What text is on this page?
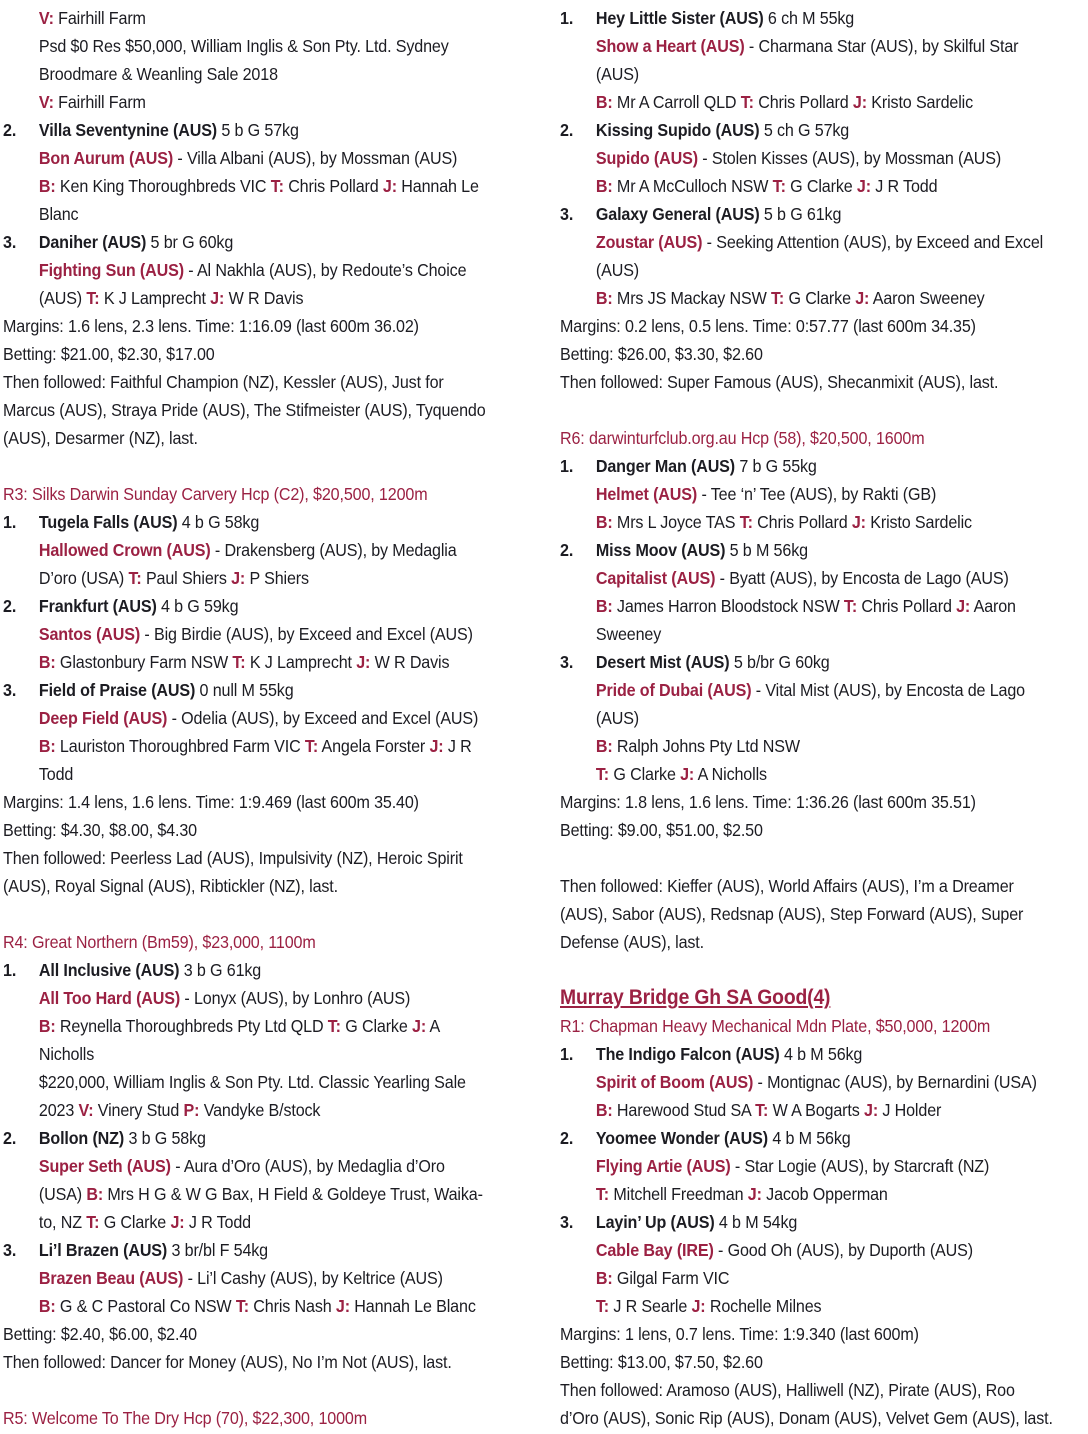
V: Fairhill Farm
Psd $0 Res $50,000, William Inglis & Son Pty. Ltd. Sydney
Broodmare & Weanling Sale 2018
V: Fairhill Farm
2. Villa Seventynine (AUS) 5 b G 57kg
Bon Aurum (AUS) - Villa Albani (AUS), by Mossman (AUS)
B: Ken King Thoroughbreds VIC T: Chris Pollard J: Hannah Le
Blanc
3. Daniher (AUS) 5 br G 60kg
Fighting Sun (AUS) - Al Nakhla (AUS), by Redoute’s Choice
(AUS) T: K J Lamprecht J: W R Davis
Margins: 1.6 lens, 2.3 lens. Time: 1:16.09 (last 600m 36.02)
Betting: $21.00, $2.30, $17.00
Then followed: Faithful Champion (NZ), Kessler (AUS), Just for
Marcus (AUS), Straya Pride (AUS), The Stifmeister (AUS), Tyquendo
(AUS), Desarmer (NZ), last.
R3: Silks Darwin Sunday Carvery Hcp (C2), $20,500, 1200m
1. Tugela Falls (AUS) 4 b G 58kg
Hallowed Crown (AUS) - Drakensberg (AUS), by Medaglia
D’oro (USA) T: Paul Shiers J: P Shiers
2. Frankfurt (AUS) 4 b G 59kg
Santos (AUS) - Big Birdie (AUS), by Exceed and Excel (AUS)
B: Glastonbury Farm NSW T: K J Lamprecht J: W R Davis
3. Field of Praise (AUS) 0 null M 55kg
Deep Field (AUS) - Odelia (AUS), by Exceed and Excel (AUS)
B: Lauriston Thoroughbred Farm VIC T: Angela Forster J: J R
Todd
Margins: 1.4 lens, 1.6 lens. Time: 1:9.469 (last 600m 35.40)
Betting: $4.30, $8.00, $4.30
Then followed: Peerless Lad (AUS), Impulsivity (NZ), Heroic Spirit
(AUS), Royal Signal (AUS), Ribtickler (NZ), last.
R4: Great Northern (Bm59), $23,000, 1100m
1. All Inclusive (AUS) 3 b G 61kg
All Too Hard (AUS) - Lonyx (AUS), by Lonhro (AUS)
B: Reynella Thoroughbreds Pty Ltd QLD T: G Clarke J: A
Nicholls
$220,000, William Inglis & Son Pty. Ltd. Classic Yearling Sale
2023 V: Vinery Stud P: Vandyke B/stock
2. Bollon (NZ) 3 b G 58kg
Super Seth (AUS) - Aura d’Oro (AUS), by Medaglia d’Oro
(USA) B: Mrs H G & W G Bax, H Field & Goldeye Trust, Waika-
to, NZ T: G Clarke J: J R Todd
3. Li’l Brazen (AUS) 3 br/bl F 54kg
Brazen Beau (AUS) - Li’l Cashy (AUS), by Keltrice (AUS)
B: G & C Pastoral Co NSW T: Chris Nash J: Hannah Le Blanc
Betting: $2.40, $6.00, $2.40
Then followed: Dancer for Money (AUS), No I’m Not (AUS), last.
R5: Welcome To The Dry Hcp (70), $22,300, 1000m
1. Hey Little Sister (AUS) 6 ch M 55kg
Show a Heart (AUS) - Charmana Star (AUS), by Skilful Star
(AUS)
B: Mr A Carroll QLD T: Chris Pollard J: Kristo Sardelic
2. Kissing Supido (AUS) 5 ch G 57kg
Supido (AUS) - Stolen Kisses (AUS), by Mossman (AUS)
B: Mr A McCulloch NSW T: G Clarke J: J R Todd
3. Galaxy General (AUS) 5 b G 61kg
Zoustar (AUS) - Seeking Attention (AUS), by Exceed and Excel
(AUS)
B: Mrs JS Mackay NSW T: G Clarke J: Aaron Sweeney
Margins: 0.2 lens, 0.5 lens. Time: 0:57.77 (last 600m 34.35)
Betting: $26.00, $3.30, $2.60
Then followed: Super Famous (AUS), Shecanmixit (AUS), last.
R6: darwinturfclub.org.au Hcp (58), $20,500, 1600m
1. Danger Man (AUS) 7 b G 55kg
Helmet (AUS) - Tee ‘n’ Tee (AUS), by Rakti (GB)
B: Mrs L Joyce TAS T: Chris Pollard J: Kristo Sardelic
2. Miss Moov (AUS) 5 b M 56kg
Capitalist (AUS) - Byatt (AUS), by Encosta de Lago (AUS)
B: James Harron Bloodstock NSW T: Chris Pollard J: Aaron
Sweeney
3. Desert Mist (AUS) 5 b/br G 60kg
Pride of Dubai (AUS) - Vital Mist (AUS), by Encosta de Lago
(AUS)
B: Ralph Johns Pty Ltd NSW
T: G Clarke J: A Nicholls
Margins: 1.8 lens, 1.6 lens. Time: 1:36.26 (last 600m 35.51)
Betting: $9.00, $51.00, $2.50
Then followed: Kieffer (AUS), World Affairs (AUS), I’m a Dreamer
(AUS), Sabor (AUS), Redsnap (AUS), Step Forward (AUS), Super
Defense (AUS), last.
Murray Bridge Gh SA Good(4)
R1: Chapman Heavy Mechanical Mdn Plate, $50,000, 1200m
1. The Indigo Falcon (AUS) 4 b M 56kg
Spirit of Boom (AUS) - Montignac (AUS), by Bernardini (USA)
B: Harewood Stud SA T: W A Bogarts J: J Holder
2. Yoomee Wonder (AUS) 4 b M 56kg
Flying Artie (AUS) - Star Logie (AUS), by Starcraft (NZ)
T: Mitchell Freedman J: Jacob Opperman
3. Layin’ Up (AUS) 4 b M 54kg
Cable Bay (IRE) - Good Oh (AUS), by Duporth (AUS)
B: Gilgal Farm VIC
T: J R Searle J: Rochelle Milnes
Margins: 1 lens, 0.7 lens. Time: 1:9.340 (last 600m)
Betting: $13.00, $7.50, $2.60
Then followed: Aramoso (AUS), Halliwell (NZ), Pirate (AUS), Roo
d’Oro (AUS), Sonic Rip (AUS), Donam (AUS), Velvet Gem (AUS), last.
